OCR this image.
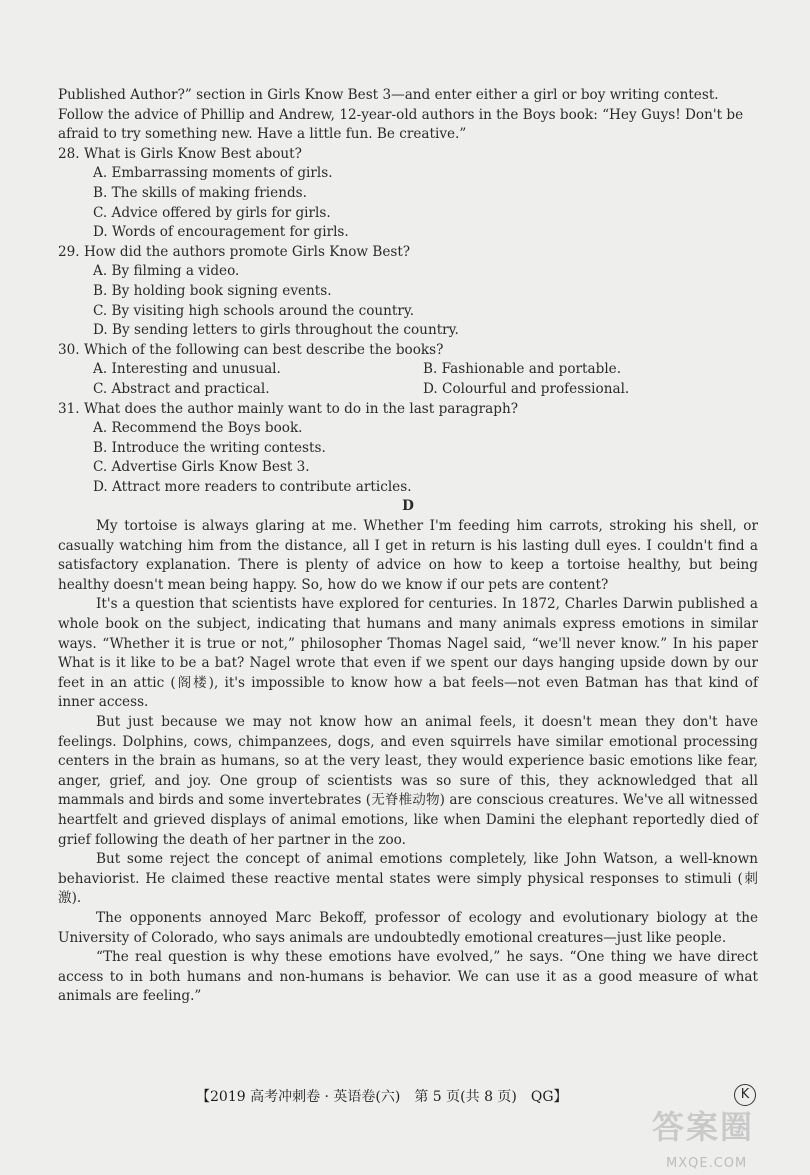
Published Author?” section in Girls Know Best 3—and enter either a girl or boy writing contest. Follow the advice of Phillip and Andrew, 12-year-old authors in the Boys book: “Hey Guys! Don't be afraid to try something new. Have a little fun. Be creative.”

28. What is Girls Know Best about?

A. Embarrassing moments of girls.

B. The skills of making friends.

C. Advice offered by girls for girls.

D. Words of encouragement for girls.

29. How did the authors promote Girls Know Best?

A. By filming a video.

B. By holding book signing events.

C. By visiting high schools around the country.

D. By sending letters to girls throughout the country.

30. Which of the following can best describe the books?

A. Interesting and unusual.	B. Fashionable and portable.
C. Abstract and practical.	D. Colourful and professional.

31. What does the author mainly want to do in the last paragraph?

A. Recommend the Boys book.

B. Introduce the writing contests.

C. Advertise Girls Know Best 3.

D. Attract more readers to contribute articles.

D

My tortoise is always glaring at me. Whether I'm feeding him carrots, stroking his shell, or casually watching him from the distance, all I get in return is his lasting dull eyes. I couldn't find a satisfactory explanation. There is plenty of advice on how to keep a tortoise healthy, but being healthy doesn't mean being happy. So, how do we know if our pets are content?

It's a question that scientists have explored for centuries. In 1872, Charles Darwin published a whole book on the subject, indicating that humans and many animals express emotions in similar ways. “Whether it is true or not,” philosopher Thomas Nagel said, “we'll never know.” In his paper What is it like to be a bat? Nagel wrote that even if we spent our days hanging upside down by our feet in an attic (阁楼), it's impossible to know how a bat feels—not even Batman has that kind of inner access.

But just because we may not know how an animal feels, it doesn't mean they don't have feelings. Dolphins, cows, chimpanzees, dogs, and even squirrels have similar emotional processing centers in the brain as humans, so at the very least, they would experience basic emotions like fear, anger, grief, and joy. One group of scientists was so sure of this, they acknowledged that all mammals and birds and some invertebrates (无脊椎动物) are conscious creatures. We've all witnessed heartfelt and grieved displays of animal emotions, like when Damini the elephant reportedly died of grief following the death of her partner in the zoo.

But some reject the concept of animal emotions completely, like John Watson, a well-known behaviorist. He claimed these reactive mental states were simply physical responses to stimuli (刺激).

The opponents annoyed Marc Bekoff, professor of ecology and evolutionary biology at the University of Colorado, who says animals are undoubtedly emotional creatures—just like people.

“The real question is why these emotions have evolved,” he says. “One thing we have direct access to in both humans and non-humans is behavior. We can use it as a good measure of what animals are feeling.”

【2019 高考冲刺卷 · 英语卷(六)　第 5 页(共 8 页)　QG】	K
答案圈
MXQE.COM
